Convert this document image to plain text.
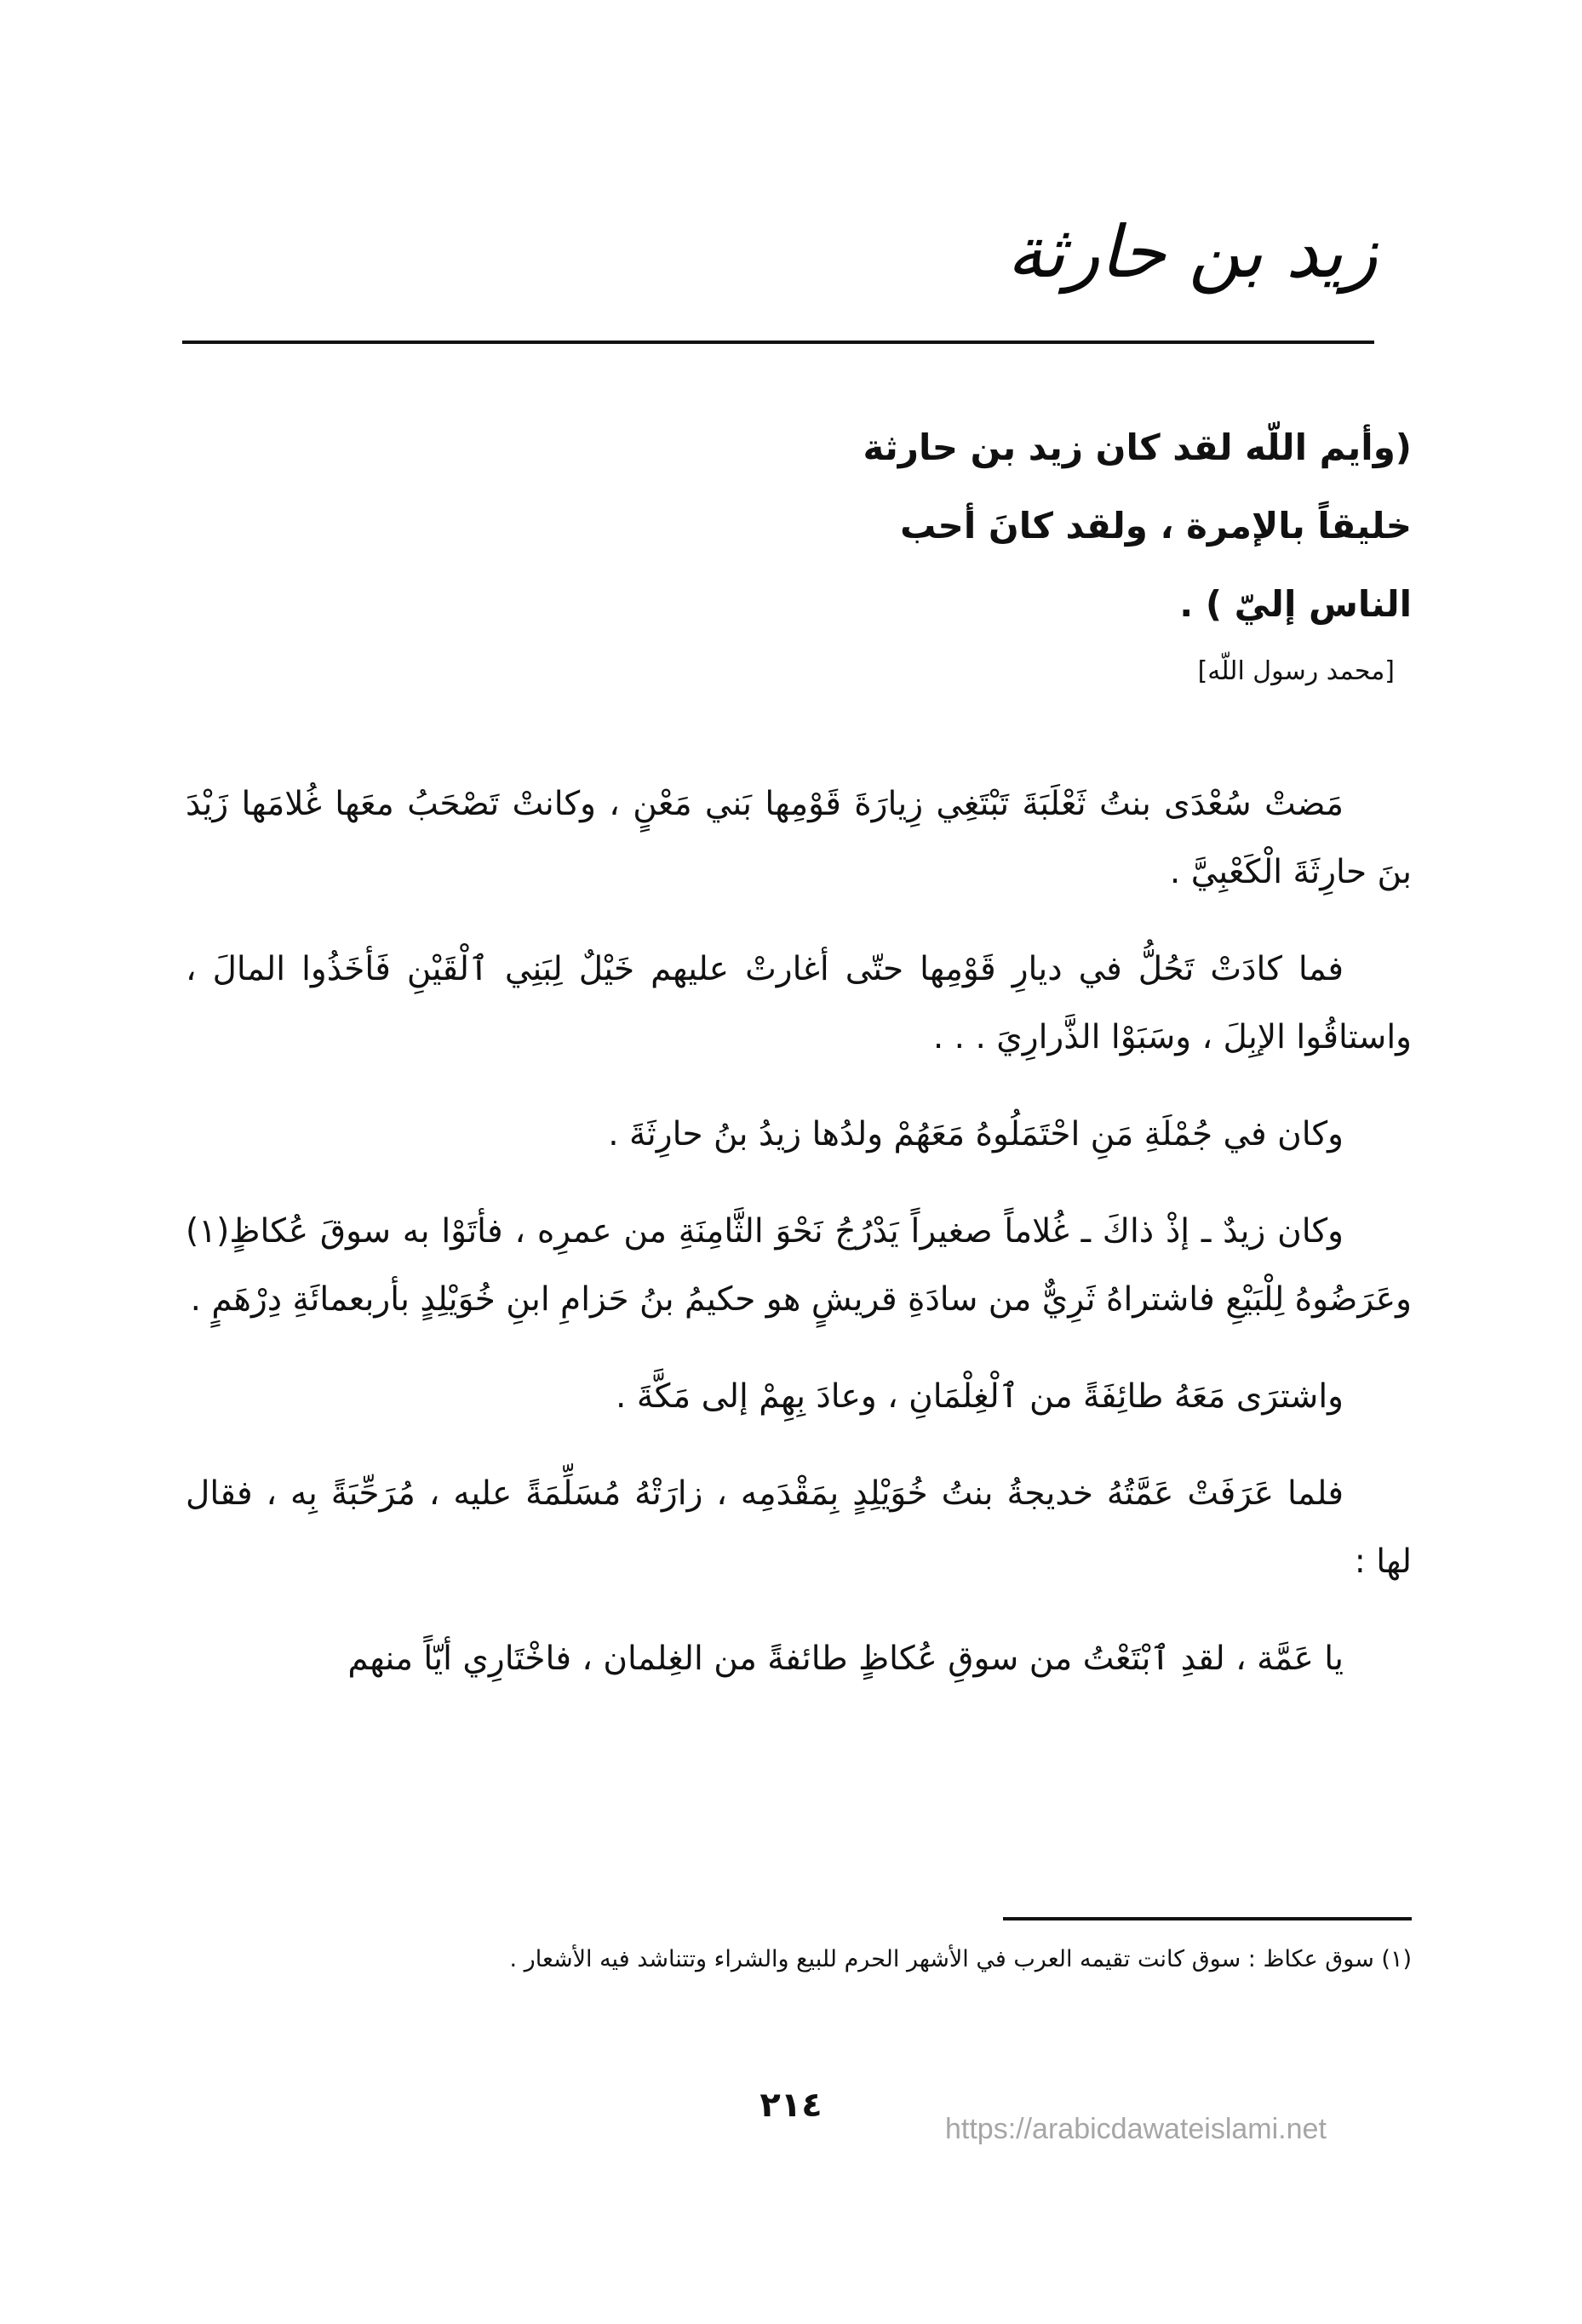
زيد بن حارثة
(وأيم اللّه لقد كان زيد بن حارثة
خليقاً بالإمرة ، ولقد كانَ أحب
الناس إليّ ) .
[محمد رسول اللّه]

مَضتْ سُعْدَى بنتُ ثَعْلَبَةَ تَبْتَغِي زِيارَةَ قَوْمِها بَني مَعْنٍ ، وكانتْ تَصْحَبُ معَها غُلامَها زَيْدَ بنَ حارِثَةَ الْكَعْبِيَّ .

فما كادَتْ تَحُلُّ في ديارِ قَوْمِها حتّى أغارتْ عليهم خَيْلٌ لِبَنِي ٱلْقَيْنِ فَأخَذُوا المالَ ، واستاقُوا الإبِلَ ، وسَبَوْا الذَّرارِيَ . . .

وكان في جُمْلَةِ مَنِ احْتَمَلُوهُ مَعَهُمْ ولدُها زيدُ بنُ حارِثَةَ .

وكان زيدٌ ـ إذْ ذاكَ ـ غُلاماً صغيراً يَدْرُجُ نَحْوَ الثَّامِنَةِ من عمرِه ، فأتَوْا به سوقَ عُكاظٍ(١) وعَرَضُوهُ لِلْبَيْعِ فاشتراهُ ثَرِيٌّ من سادَةِ قريشٍ هو حكيمُ بنُ حَزامِ ابنِ خُوَيْلِدٍ بأربعمائَةِ دِرْهَمٍ .

واشترَى مَعَهُ طائِفَةً من ٱلْغِلْمَانِ ، وعادَ بِهِمْ إلى مَكَّةَ .

فلما عَرَفَتْ عَمَّتُهُ خديجةُ بنتُ خُوَيْلِدٍ بِمَقْدَمِه ، زارَتْهُ مُسَلِّمَةً عليه ، مُرَحِّبَةً بِه ، فقال لها :

يا عَمَّة ، لقدِ ٱبْتَعْتُ من سوقِ عُكاظٍ طائفةً من الغِلمان ، فاخْتَارِي أيّاً منهم

(١) سوق عكاظ : سوق كانت تقيمه العرب في الأشهر الحرم للبيع والشراء وتتناشد فيه الأشعار .
٢١٤
https://arabicdawateislami.net
